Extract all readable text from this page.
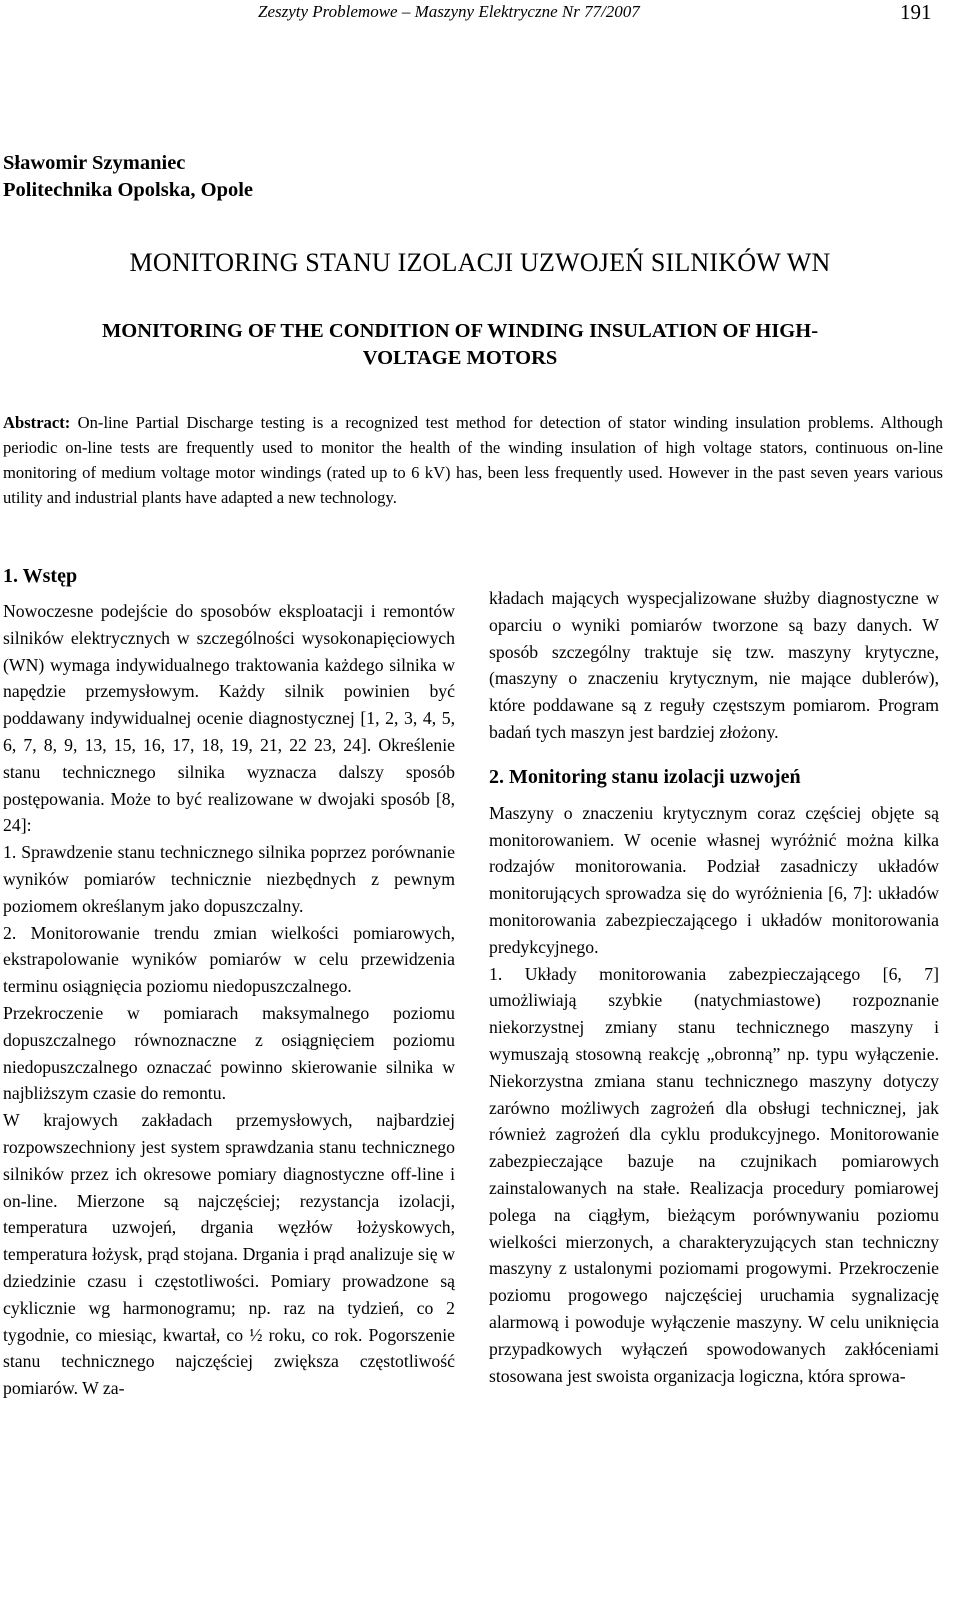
Zeszyty Problemowe – Maszyny Elektryczne Nr 77/2007	191
Sławomir Szymaniec
Politechnika Opolska, Opole
MONITORING STANU IZOLACJI UZWOJEŃ SILNIKÓW WN
MONITORING OF THE CONDITION OF WINDING INSULATION OF HIGH-
VOLTAGE MOTORS
Abstract: On-line Partial Discharge testing is a recognized test method for detection of stator winding insulation problems. Although periodic on-line tests are frequently used to monitor the health of the winding insulation of high voltage stators, continuous on-line monitoring of medium voltage motor windings (rated up to 6 kV) has, been less frequently used. However in the past seven years various utility and industrial plants have adapted a new technology.
1. Wstęp

Nowoczesne podejście do sposobów eksploatacji i remontów silników elektrycznych w szczególności wysokonapięciowych (WN) wymaga indywidualnego traktowania każdego silnika w napędzie przemysłowym. Każdy silnik powinien być poddawany indywidualnej ocenie diagnostycznej [1, 2, 3, 4, 5, 6, 7, 8, 9, 13, 15, 16, 17, 18, 19, 21, 22 23, 24]. Określenie stanu technicznego silnika wyznacza dalszy sposób postępowania. Może to być realizowane w dwojaki sposób [8, 24]:

1. Sprawdzenie stanu technicznego silnika poprzez porównanie wyników pomiarów technicznie niezbędnych z pewnym poziomem określanym jako dopuszczalny.

2. Monitorowanie trendu zmian wielkości pomiarowych, ekstrapolowanie wyników pomiarów w celu przewidzenia terminu osiągnięcia poziomu niedopuszczalnego.

Przekroczenie w pomiarach maksymalnego poziomu dopuszczalnego równoznaczne z osiągnięciem poziomu niedopuszczalnego oznaczać powinno skierowanie silnika w najbliższym czasie do remontu.

W krajowych zakładach przemysłowych, najbardziej rozpowszechniony jest system sprawdzania stanu technicznego silników przez ich okresowe pomiary diagnostyczne off-line i on-line. Mierzone są najczęściej; rezystancja izolacji, temperatura uzwojeń, drgania węzłów łożyskowych, temperatura łożysk, prąd stojana. Drgania i prąd analizuje się w dziedzinie czasu i częstotliwości. Pomiary prowadzone są cyklicznie wg harmonogramu; np. raz na tydzień, co 2 tygodnie, co miesiąc, kwartał, co ½ roku, co rok. Pogorszenie stanu technicznego najczęściej zwiększa częstotliwość pomiarów. W za-

kładach mających wyspecjalizowane służby diagnostyczne w oparciu o wyniki pomiarów tworzone są bazy danych. W sposób szczególny traktuje się tzw. maszyny krytyczne, (maszyny o znaczeniu krytycznym, nie mające dublerów), które poddawane są z reguły częstszym pomiarom. Program badań tych maszyn jest bardziej złożony.

2. Monitoring stanu izolacji uzwojeń

Maszyny o znaczeniu krytycznym coraz częściej objęte są monitorowaniem. W ocenie własnej wyróżnić można kilka rodzajów monitorowania. Podział zasadniczy układów monitorujących sprowadza się do wyróżnienia [6, 7]: układów monitorowania zabezpieczającego i układów monitorowania predykcyjnego.

1. Układy monitorowania zabezpieczającego [6, 7] umożliwiają szybkie (natychmiastowe) rozpoznanie niekorzystnej zmiany stanu technicznego maszyny i wymuszają stosowną reakcję „obronną” np. typu wyłączenie. Niekorzystna zmiana stanu technicznego maszyny dotyczy zarówno możliwych zagrożeń dla obsługi technicznej, jak również zagrożeń dla cyklu produkcyjnego. Monitorowanie zabezpieczające bazuje na czujnikach pomiarowych zainstalowanych na stałe. Realizacja procedury pomiarowej polega na ciągłym, bieżącym porównywaniu poziomu wielkości mierzonych, a charakteryzujących stan techniczny maszyny z ustalonymi poziomami progowymi. Przekroczenie poziomu progowego najczęściej uruchamia sygnalizację alarmową i powoduje wyłączenie maszyny. W celu uniknięcia przypadkowych wyłączeń spowodowanych zakłóceniami stosowana jest swoista organizacja logiczna, która sprowa-
